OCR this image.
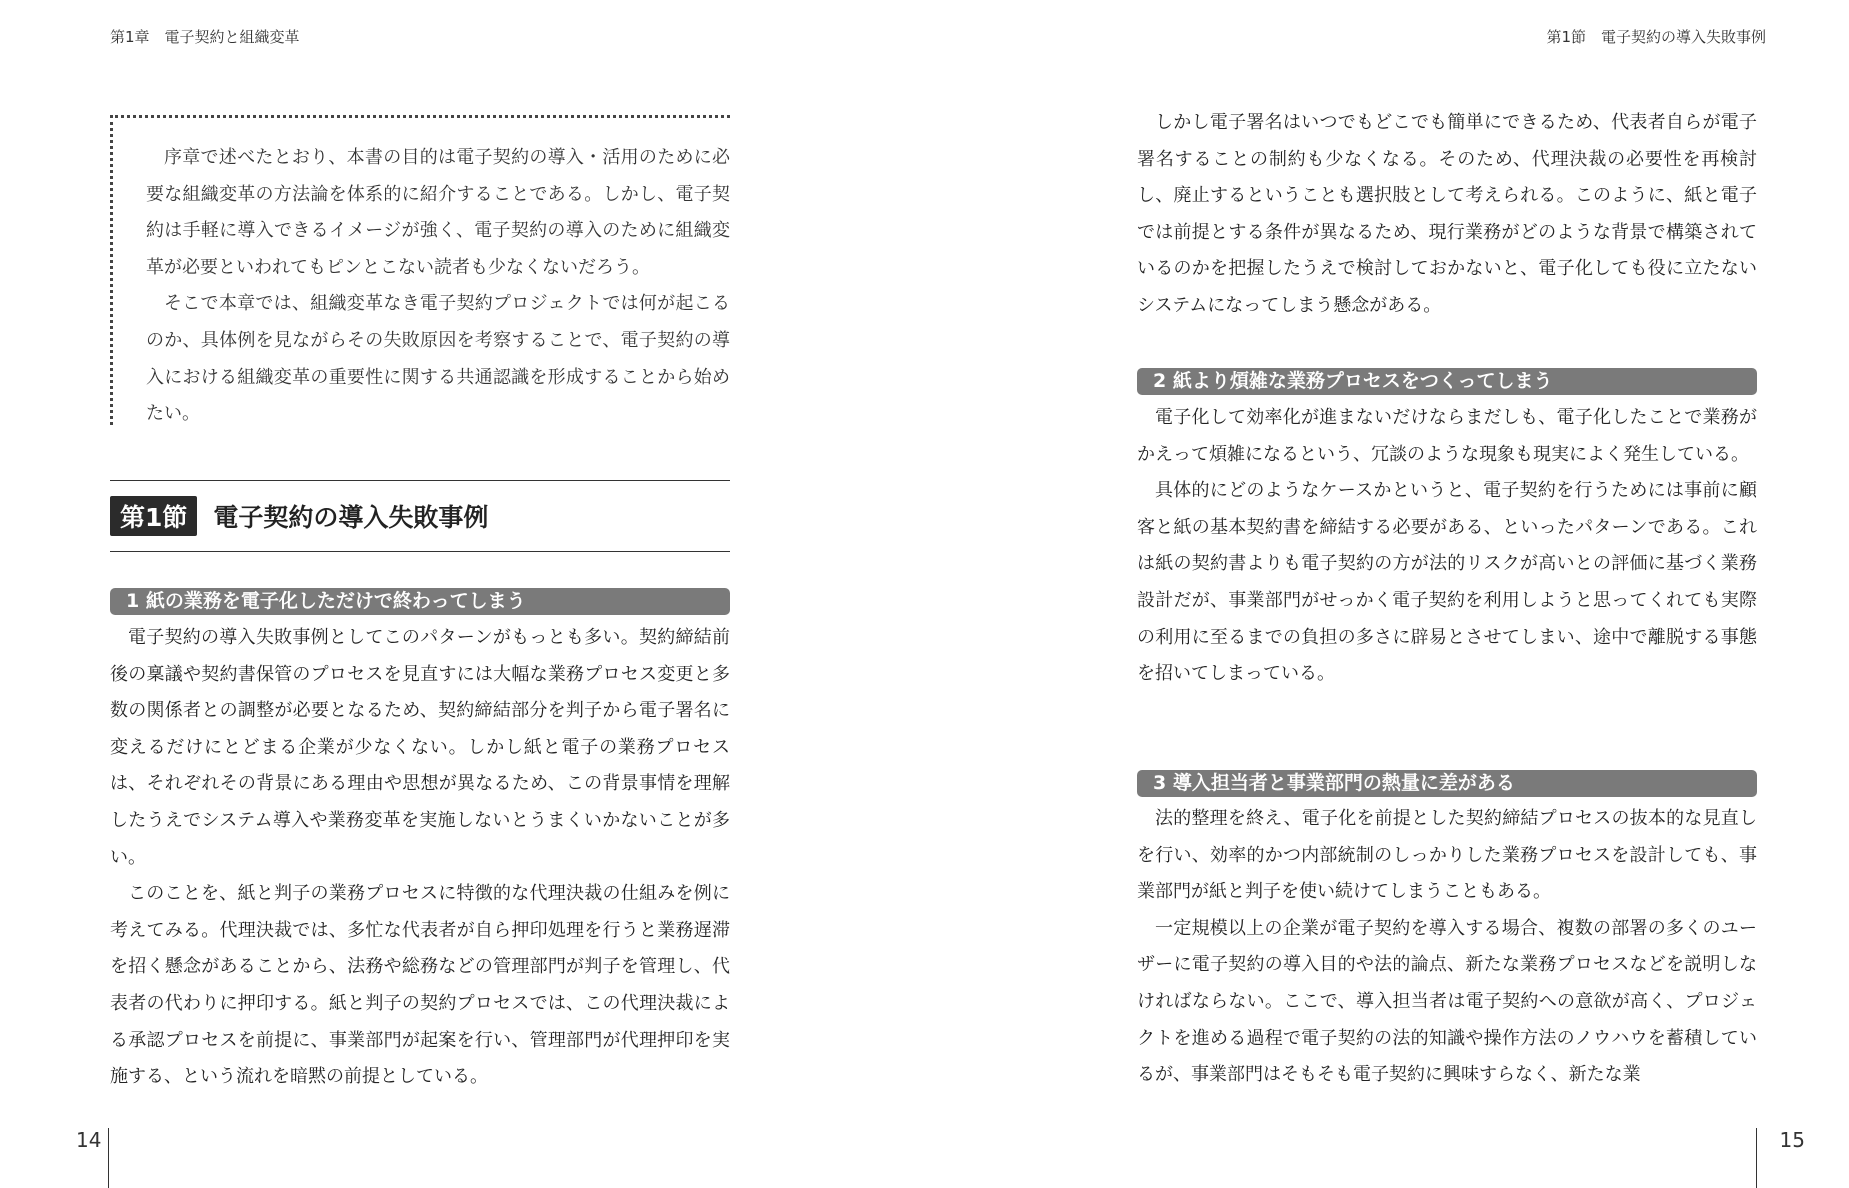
第1章　電子契約と組織変革

序章で述べたとおり、本書の目的は電子契約の導入・活用のために必要な組織変革の方法論を体系的に紹介することである。しかし、電子契約は手軽に導入できるイメージが強く、電子契約の導入のために組織変革が必要といわれてもピンとこない読者も少なくないだろう。

そこで本章では、組織変革なき電子契約プロジェクトでは何が起こるのか、具体例を見ながらその失敗原因を考察することで、電子契約の導入における組織変革の重要性に関する共通認識を形成することから始めたい。

第1節	電子契約の導入失敗事例
1 紙の業務を電子化しただけで終わってしまう

電子契約の導入失敗事例としてこのパターンがもっとも多い。契約締結前後の稟議や契約書保管のプロセスを見直すには大幅な業務プロセス変更と多数の関係者との調整が必要となるため、契約締結部分を判子から電子署名に変えるだけにとどまる企業が少なくない。しかし紙と電子の業務プロセスは、それぞれその背景にある理由や思想が異なるため、この背景事情を理解したうえでシステム導入や業務変革を実施しないとうまくいかないことが多い。

このことを、紙と判子の業務プロセスに特徴的な代理決裁の仕組みを例に考えてみる。代理決裁では、多忙な代表者が自ら押印処理を行うと業務遅滞を招く懸念があることから、法務や総務などの管理部門が判子を管理し、代表者の代わりに押印する。紙と判子の契約プロセスでは、この代理決裁による承認プロセスを前提に、事業部門が起案を行い、管理部門が代理押印を実施する、という流れを暗黙の前提としている。

14
第1節　電子契約の導入失敗事例

しかし電子署名はいつでもどこでも簡単にできるため、代表者自らが電子署名することの制約も少なくなる。そのため、代理決裁の必要性を再検討し、廃止するということも選択肢として考えられる。このように、紙と電子では前提とする条件が異なるため、現行業務がどのような背景で構築されているのかを把握したうえで検討しておかないと、電子化しても役に立たないシステムになってしまう懸念がある。

2 紙より煩雑な業務プロセスをつくってしまう

電子化して効率化が進まないだけならまだしも、電子化したことで業務がかえって煩雑になるという、冗談のような現象も現実によく発生している。

具体的にどのようなケースかというと、電子契約を行うためには事前に顧客と紙の基本契約書を締結する必要がある、といったパターンである。これは紙の契約書よりも電子契約の方が法的リスクが高いとの評価に基づく業務設計だが、事業部門がせっかく電子契約を利用しようと思ってくれても実際の利用に至るまでの負担の多さに辟易とさせてしまい、途中で離脱する事態を招いてしまっている。

3 導入担当者と事業部門の熱量に差がある

法的整理を終え、電子化を前提とした契約締結プロセスの抜本的な見直しを行い、効率的かつ内部統制のしっかりした業務プロセスを設計しても、事業部門が紙と判子を使い続けてしまうこともある。

一定規模以上の企業が電子契約を導入する場合、複数の部署の多くのユーザーに電子契約の導入目的や法的論点、新たな業務プロセスなどを説明しなければならない。ここで、導入担当者は電子契約への意欲が高く、プロジェクトを進める過程で電子契約の法的知識や操作方法のノウハウを蓄積しているが、事業部門はそもそも電子契約に興味すらなく、新たな業

15
